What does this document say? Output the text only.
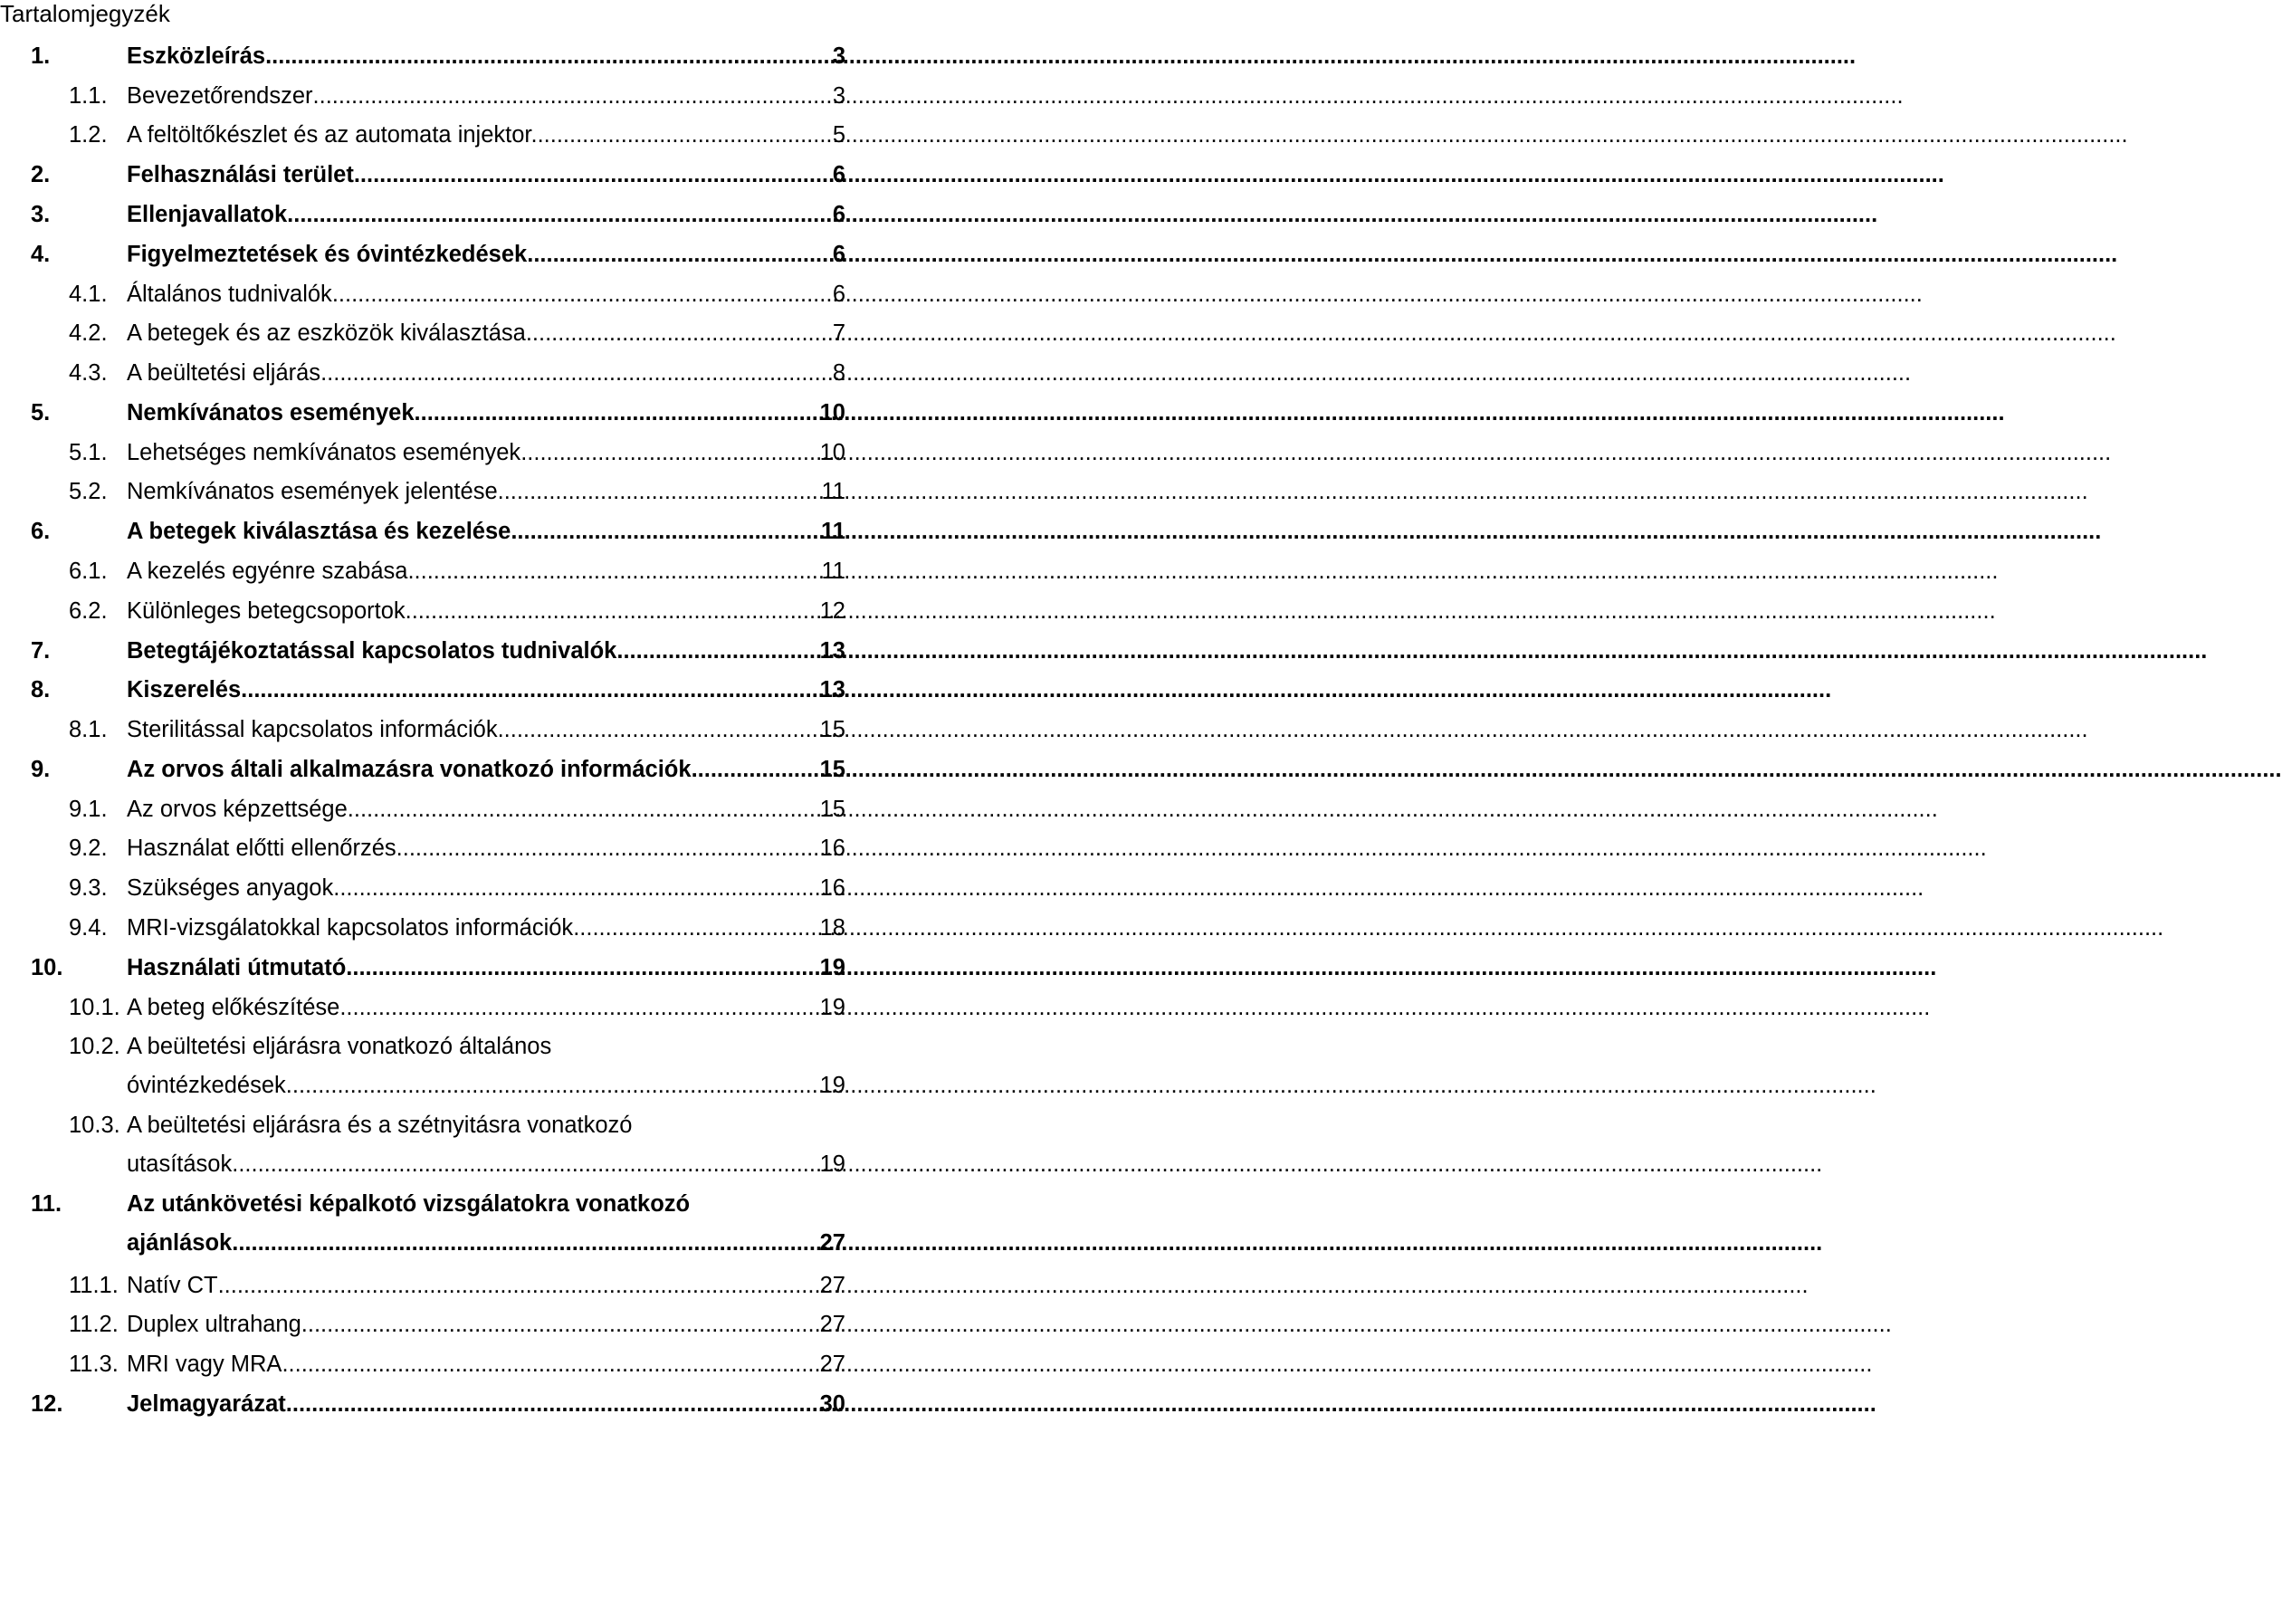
Tartalomjegyzék
1.	Eszközleírás .....	3
1.1. Bevezetőrendszer .....	3
1.2. A feltöltőkészlet és az automata injektor. .....	5
2.	Felhasználási terület .....	6
3.	Ellenjavallatok .....	6
4.	Figyelmeztetések és óvintézkedések .....	6
4.1. Általános tudnivalók .....	6
4.2. A betegek és az eszközök kiválasztása .....	7
4.3. A beültetési eljárás .....	8
5.	Nemkívánatos események .....	10
5.1. Lehetséges nemkívánatos események .....	10
5.2. Nemkívánatos események jelentése .....	11
6.	A betegek kiválasztása és kezelése .....	11
6.1. A kezelés egyénre szabása .....	11
6.2. Különleges betegcsoportok .....	12
7.	Betegtájékoztatással kapcsolatos tudnivalók .....	13
8.	Kiszerelés .....	13
8.1. Sterilitással kapcsolatos információk .....	15
9.	Az orvos általi alkalmazásra vonatkozó információk .....	15
9.1. Az orvos képzettsége .....	15
9.2. Használat előtti ellenőrzés .....	16
9.3. Szükséges anyagok .....	16
9.4. MRI-vizsgálatokkal kapcsolatos információk .....	18
10.	Használati útmutató .....	19
10.1. A beteg előkészítése .....	19
10.2. A beültetési eljárásra vonatkozó általános
óvintézkedések .....	19
10.3. A beültetési eljárásra és a szétnyitásra vonatkozó
utasítások .....	19
11.	Az utánkövetési képalkotó vizsgálatokra vonatkozó
ajánlások .....	27
11.1. Natív CT .....	27
11.2. Duplex ultrahang .....	27
11.3. MRI vagy MRA .....	27
12.	Jelmagyarázat .....	30
